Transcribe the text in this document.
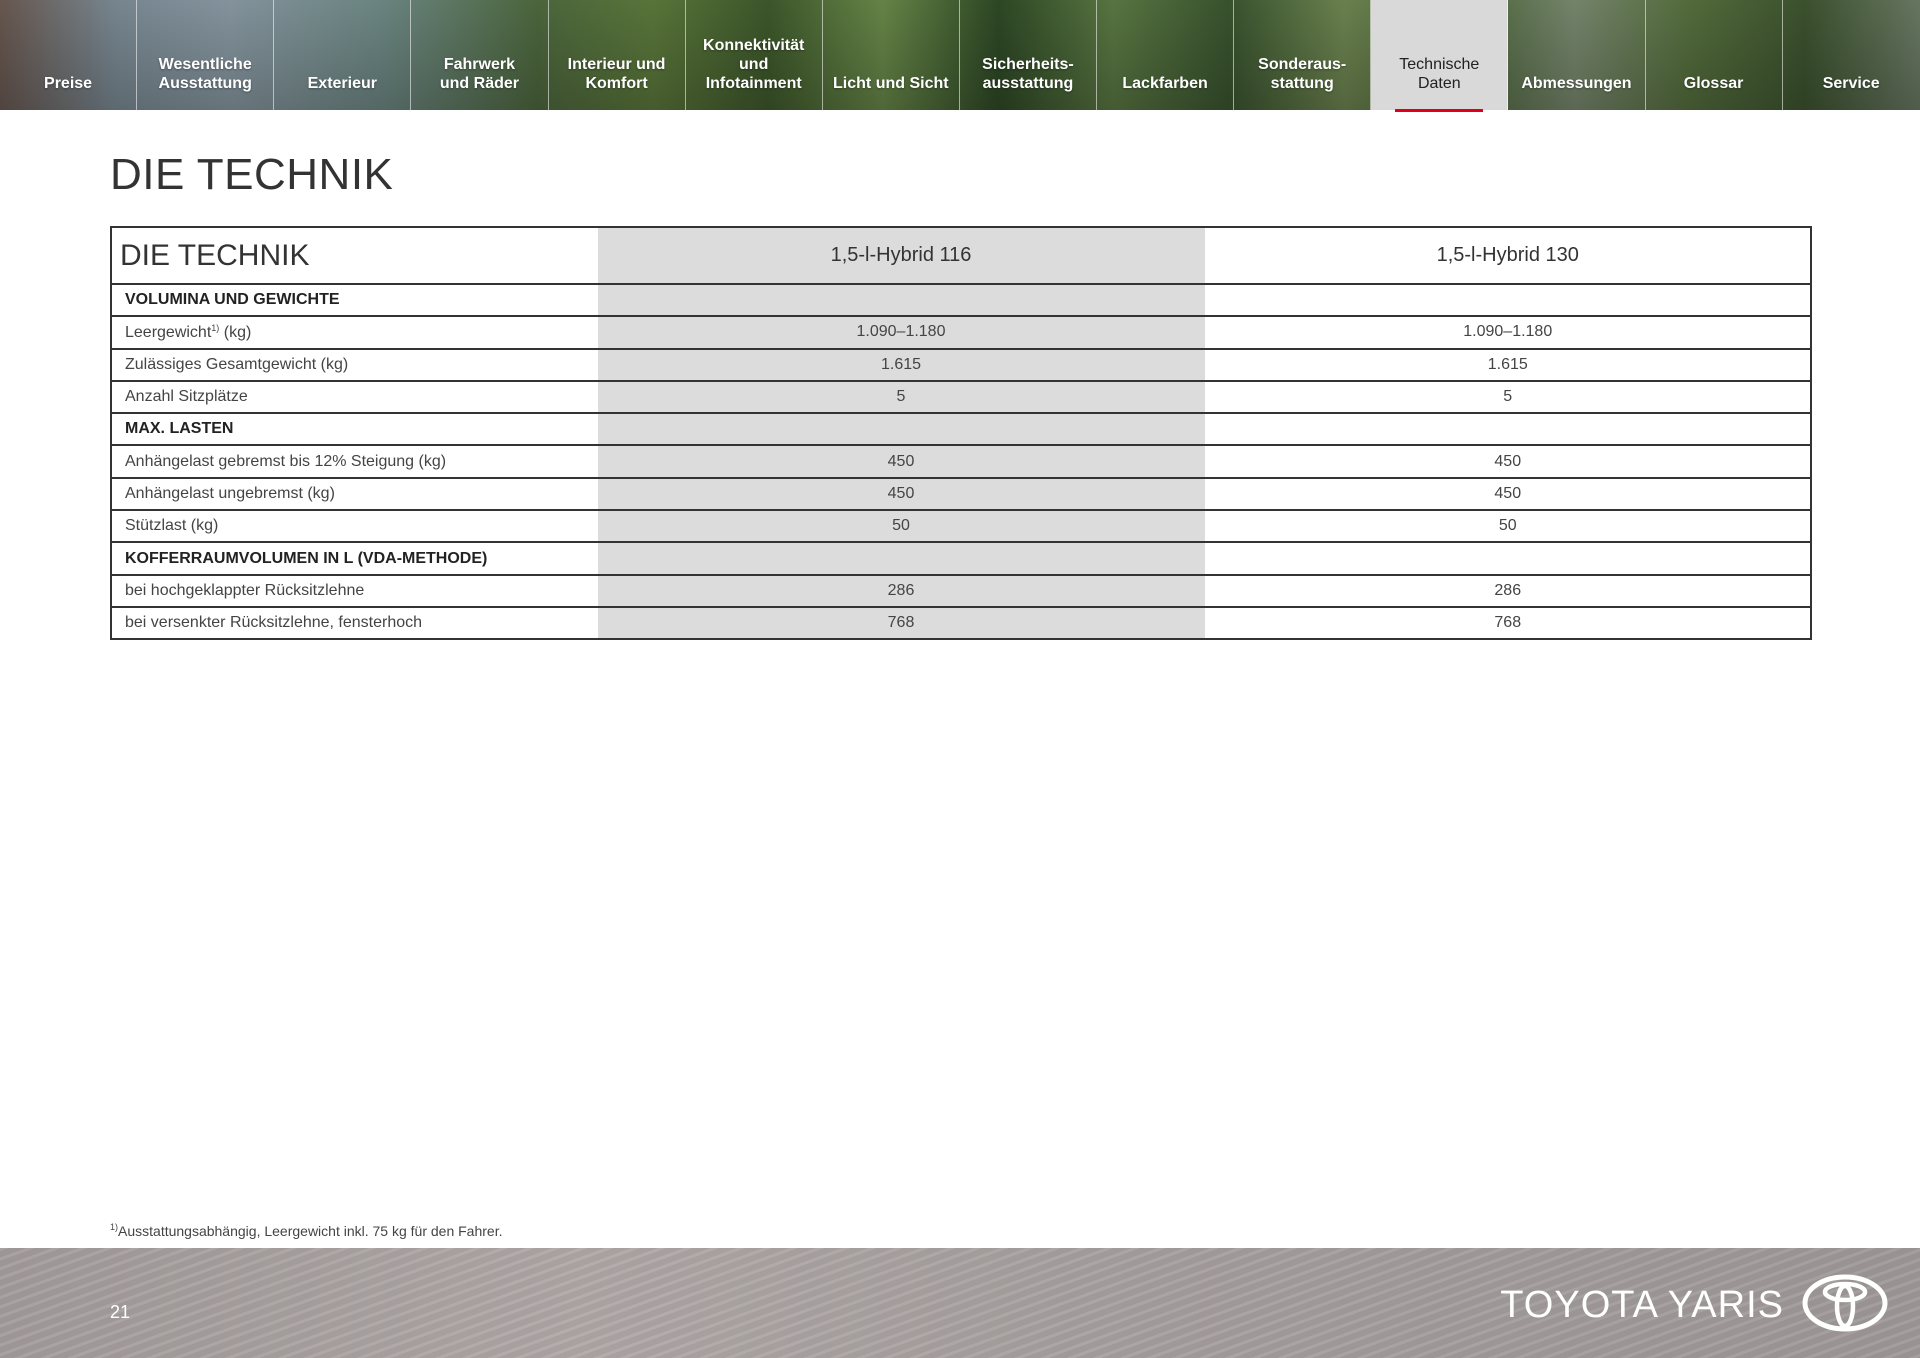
Preise
Wesentliche
Ausstattung	Exterieur
Fahrwerk
und Räder
Interieur und
Komfort
Konnektivität
und
Infotainment	Licht und Sicht
Sicherheits-
ausstattung	Lackfarben
Sonderaus-
stattung
Technische
Daten	Abmessungen	Glossar	Service
DIE TECHNIK
DIE TECHNIK	1,5-l-Hybrid 116	1,5-l-Hybrid 130
VOLUMINA UND GEWICHTE		
Leergewicht$^{1)}$ (kg)	1.090–1.180	1.090–1.180
Zulässiges Gesamtgewicht (kg)	1.615	1.615
Anzahl Sitzplätze	5	5
MAX. LASTEN		
Anhängelast gebremst bis 12% Steigung (kg)	450	450
Anhängelast ungebremst (kg)	450	450
Stützlast (kg)	50	50
KOFFERRAUMVOLUMEN IN L (VDA-METHODE)		
bei hochgeklappter Rücksitzlehne	286	286
bei versenkter Rücksitzlehne, fensterhoch	768	768
$^{1)}$Ausstattungsabhängig, Leergewicht inkl. 75 kg für den Fahrer.
21	TOYOTA YARIS
